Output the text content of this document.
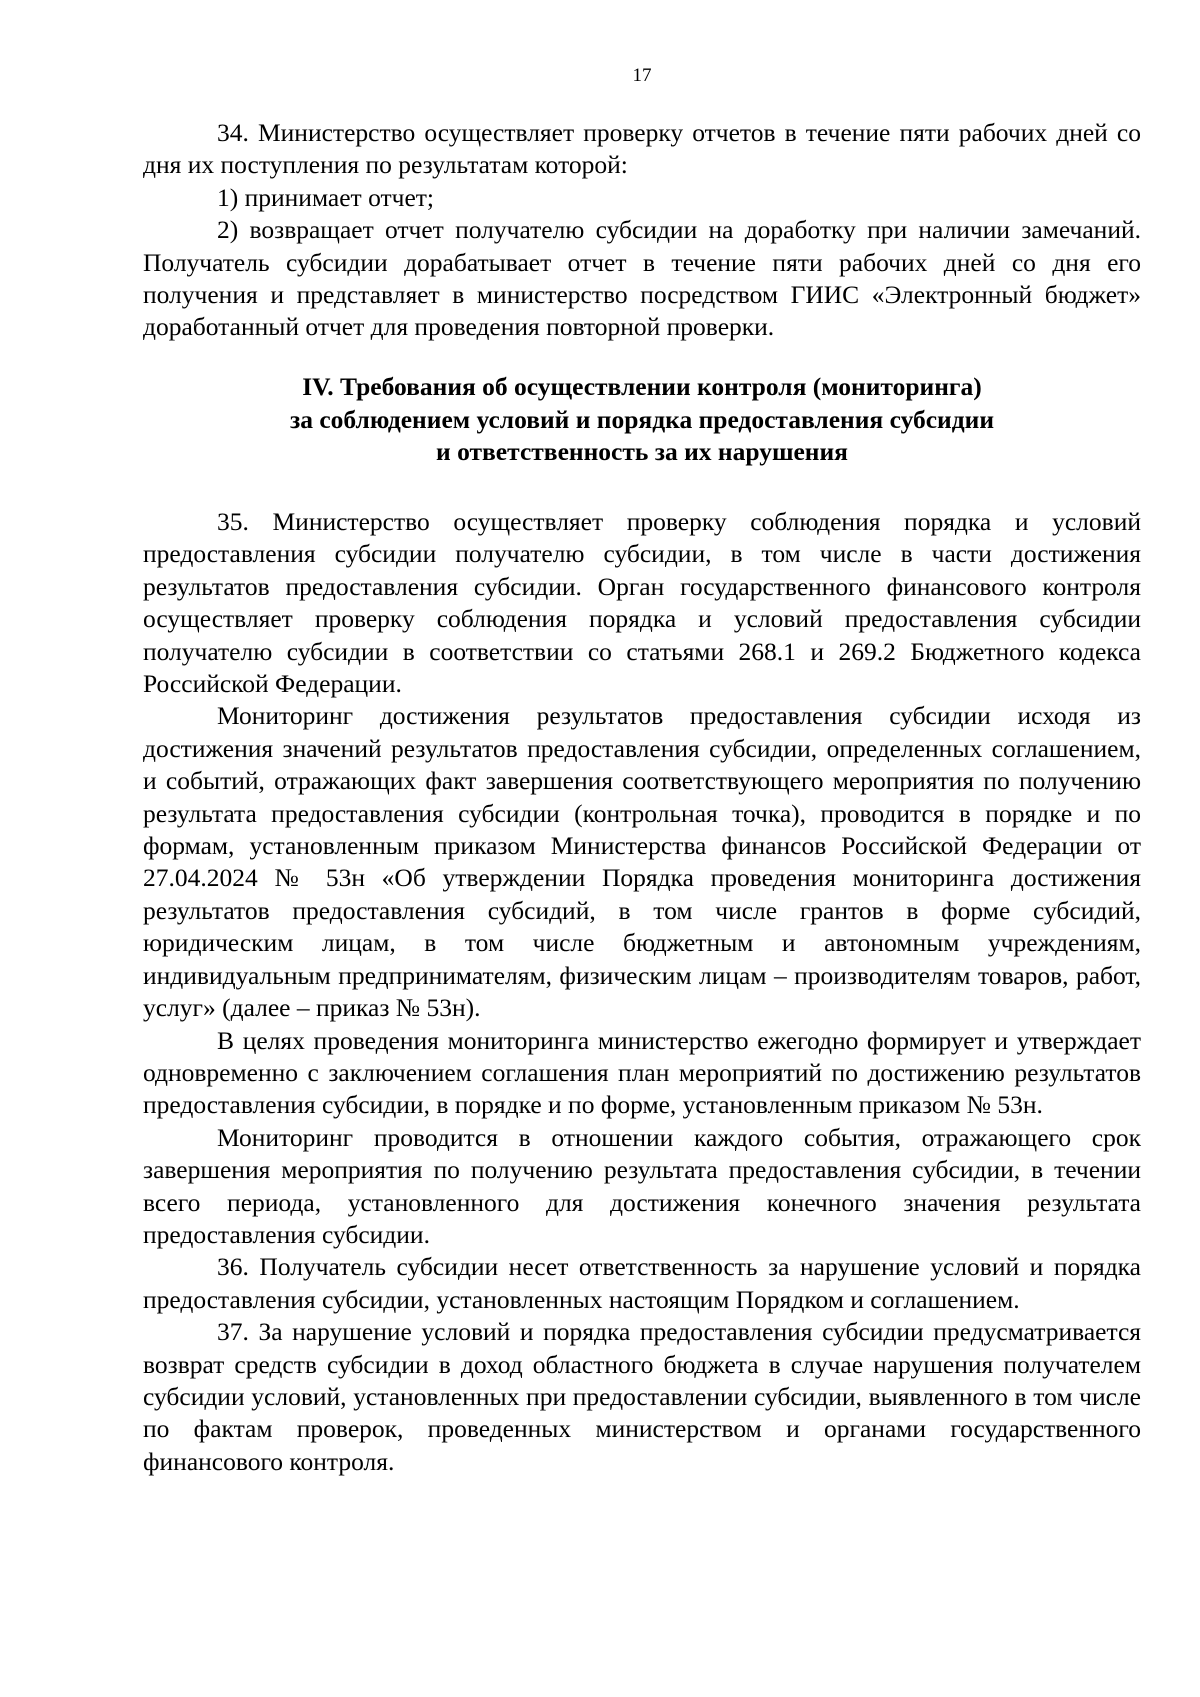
17

34. Министерство осуществляет проверку отчетов в течение пяти рабочих дней со дня их поступления по результатам которой:

1) принимает отчет;

2) возвращает отчет получателю субсидии на доработку при наличии замечаний. Получатель субсидии дорабатывает отчет в течение пяти рабочих дней со дня его получения и представляет в министерство посредством ГИИС «Электронный бюджет» доработанный отчет для проведения повторной проверки.

IV. Требования об осуществлении контроля (мониторинга)
за соблюдением условий и порядка предоставления субсидии
и ответственность за их нарушения

35. Министерство осуществляет проверку соблюдения порядка и условий предоставления субсидии получателю субсидии, в том числе в части достижения результатов предоставления субсидии. Орган государственного финансового контроля осуществляет проверку соблюдения порядка и условий предоставления субсидии получателю субсидии в соответствии со статьями 268.1 и 269.2 Бюджетного кодекса Российской Федерации.

Мониторинг достижения результатов предоставления субсидии исходя из достижения значений результатов предоставления субсидии, определенных соглашением, и событий, отражающих факт завершения соответствующего мероприятия по получению результата предоставления субсидии (контрольная точка), проводится в порядке и по формам, установленным приказом Министерства финансов Российской Федерации от 27.04.2024 № 53н «Об утверждении Порядка проведения мониторинга достижения результатов предоставления субсидий, в том числе грантов в форме субсидий, юридическим лицам, в том числе бюджетным и автономным учреждениям, индивидуальным предпринимателям, физическим лицам – производителям товаров, работ, услуг» (далее – приказ № 53н).

В целях проведения мониторинга министерство ежегодно формирует и утверждает одновременно с заключением соглашения план мероприятий по достижению результатов предоставления субсидии, в порядке и по форме, установленным приказом № 53н.

Мониторинг проводится в отношении каждого события, отражающего срок завершения мероприятия по получению результата предоставления субсидии, в течении всего периода, установленного для достижения конечного значения результата предоставления субсидии.

36. Получатель субсидии несет ответственность за нарушение условий и порядка предоставления субсидии, установленных настоящим Порядком и соглашением.

37. За нарушение условий и порядка предоставления субсидии предусматривается возврат средств субсидии в доход областного бюджета в случае нарушения получателем субсидии условий, установленных при предоставлении субсидии, выявленного в том числе по фактам проверок, проведенных министерством и органами государственного финансового контроля.
